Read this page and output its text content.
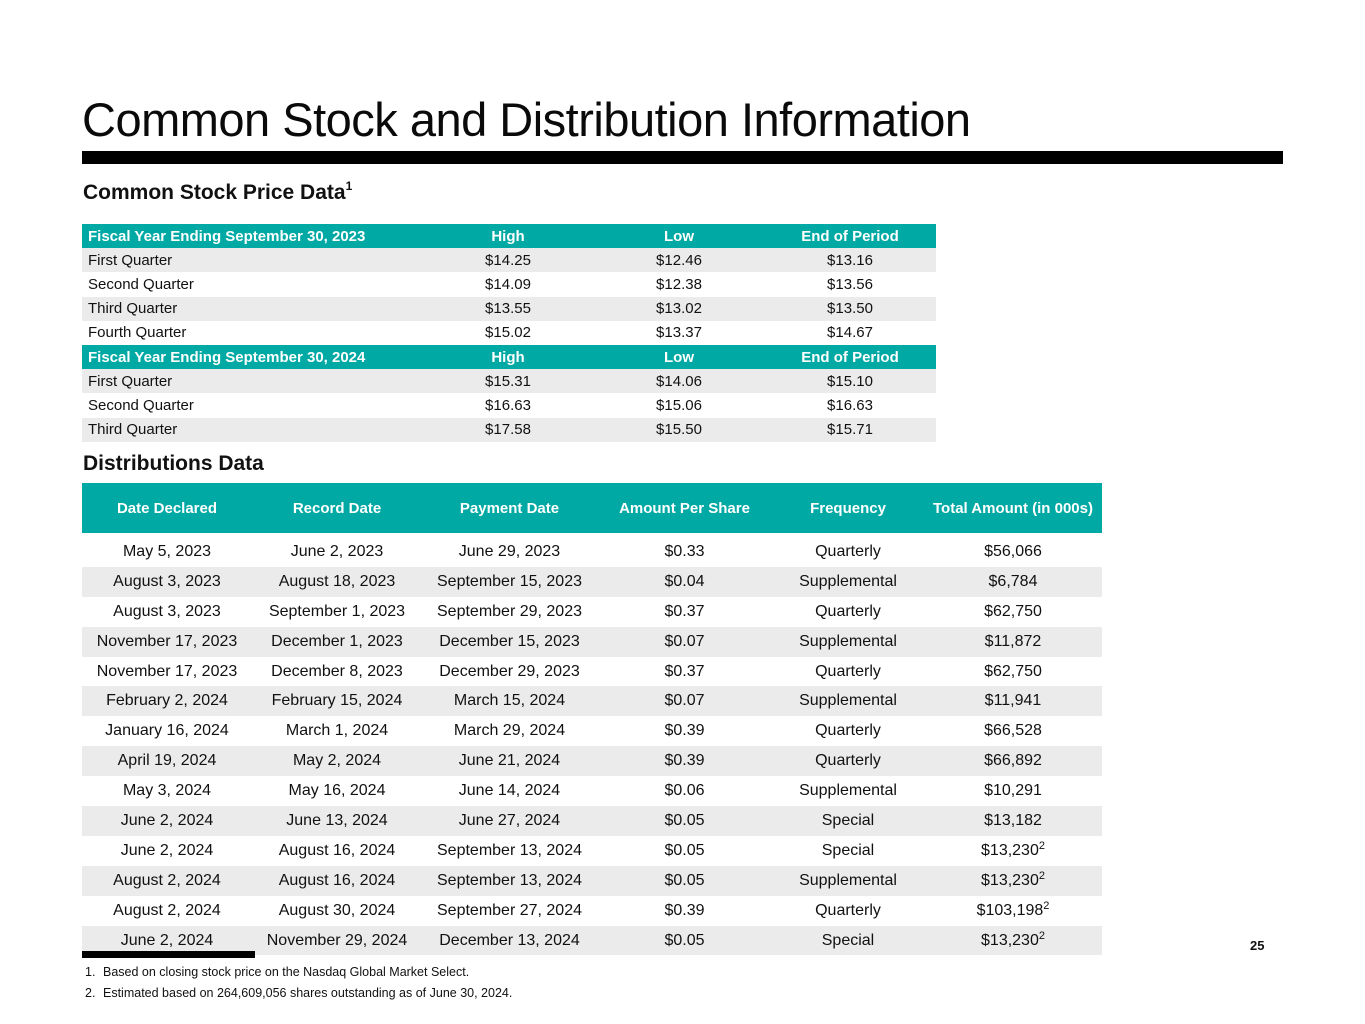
Common Stock and Distribution Information
Common Stock Price Data$^1$
Fiscal Year Ending September 30, 2023	High	Low	End of Period
First Quarter	$14.25	$12.46	$13.16
Second Quarter	$14.09	$12.38	$13.56
Third Quarter	$13.55	$13.02	$13.50
Fourth Quarter	$15.02	$13.37	$14.67
Fiscal Year Ending September 30, 2024	High	Low	End of Period
First Quarter	$15.31	$14.06	$15.10
Second Quarter	$16.63	$15.06	$16.63
Third Quarter	$17.58	$15.50	$15.71
Distributions Data
Date Declared	Record Date	Payment Date	Amount Per Share	Frequency	Total Amount (in 000s)

May 5, 2023	June 2, 2023	June 29, 2023	$0.33	Quarterly	$56,066
August 3, 2023	August 18, 2023	September 15, 2023	$0.04	Supplemental	$6,784
August 3, 2023	September 1, 2023	September 29, 2023	$0.37	Quarterly	$62,750
November 17, 2023	December 1, 2023	December 15, 2023	$0.07	Supplemental	$11,872
November 17, 2023	December 8, 2023	December 29, 2023	$0.37	Quarterly	$62,750
February 2, 2024	February 15, 2024	March 15, 2024	$0.07	Supplemental	$11,941
January 16, 2024	March 1, 2024	March 29, 2024	$0.39	Quarterly	$66,528
April 19, 2024	May 2, 2024	June 21, 2024	$0.39	Quarterly	$66,892
May 3, 2024	May 16, 2024	June 14, 2024	$0.06	Supplemental	$10,291
June 2, 2024	June 13, 2024	June 27, 2024	$0.05	Special	$13,182
June 2, 2024	August 16, 2024	September 13, 2024	$0.05	Special	$13,230$^2$
August 2, 2024	August 16, 2024	September 13, 2024	$0.05	Supplemental	$13,230$^2$
August 2, 2024	August 30, 2024	September 27, 2024	$0.39	Quarterly	$103,198$^2$
June 2, 2024	November 29, 2024	December 13, 2024	$0.05	Special	$13,230$^2$
25
1. Based on closing stock price on the Nasdaq Global Market Select.
2. Estimated based on 264,609,056 shares outstanding as of June 30, 2024.
